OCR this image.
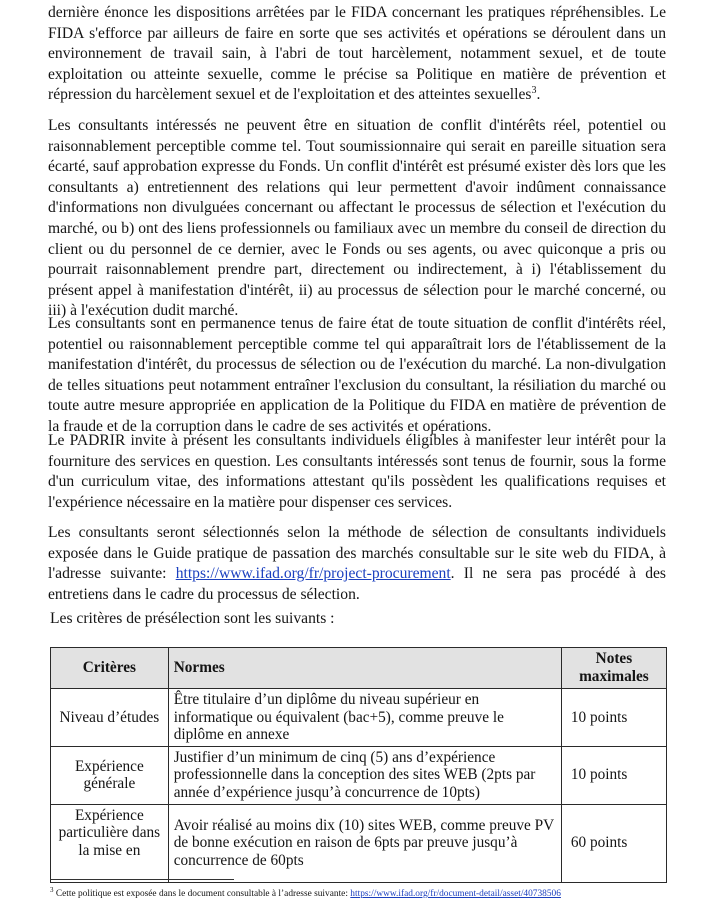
dernière énonce les dispositions arrêtées par le FIDA concernant les pratiques répréhensibles. Le FIDA s'efforce par ailleurs de faire en sorte que ses activités et opérations se déroulent dans un environnement de travail sain, à l'abri de tout harcèlement, notamment sexuel, et de toute exploitation ou atteinte sexuelle, comme le précise sa Politique en matière de prévention et répression du harcèlement sexuel et de l'exploitation et des atteintes sexuelles$^3$.

Les consultants intéressés ne peuvent être en situation de conflit d'intérêts réel, potentiel ou raisonnablement perceptible comme tel. Tout soumissionnaire qui serait en pareille situation sera écarté, sauf approbation expresse du Fonds. Un conflit d'intérêt est présumé exister dès lors que les consultants a) entretiennent des relations qui leur permettent d'avoir indûment connaissance d'informations non divulguées concernant ou affectant le processus de sélection et l'exécution du marché, ou b) ont des liens professionnels ou familiaux avec un membre du conseil de direction du client ou du personnel de ce dernier, avec le Fonds ou ses agents, ou avec quiconque a pris ou pourrait raisonnablement prendre part, directement ou indirectement, à i) l'établissement du présent appel à manifestation d'intérêt, ii) au processus de sélection pour le marché concerné, ou iii) à l'exécution dudit marché.

Les consultants sont en permanence tenus de faire état de toute situation de conflit d'intérêts réel, potentiel ou raisonnablement perceptible comme tel qui apparaîtrait lors de l'établissement de la manifestation d'intérêt, du processus de sélection ou de l'exécution du marché. La non-divulgation de telles situations peut notamment entraîner l'exclusion du consultant, la résiliation du marché ou toute autre mesure appropriée en application de la Politique du FIDA en matière de prévention de la fraude et de la corruption dans le cadre de ses activités et opérations.

Le PADRIR invite à présent les consultants individuels éligibles à manifester leur intérêt pour la fourniture des services en question. Les consultants intéressés sont tenus de fournir, sous la forme d'un curriculum vitae, des informations attestant qu'ils possèdent les qualifications requises et l'expérience nécessaire en la matière pour dispenser ces services.

Les consultants seront sélectionnés selon la méthode de sélection de consultants individuels exposée dans le Guide pratique de passation des marchés consultable sur le site web du FIDA, à l'adresse suivante: https://www.ifad.org/fr/project-procurement. Il ne sera pas procédé à des entretiens dans le cadre du processus de sélection.

Les critères de présélection sont les suivants :

Critères	Normes	Notes maximales
Niveau d’études	Être titulaire d’un diplôme du niveau supérieur en informatique ou équivalent (bac+5), comme preuve le diplôme en annexe	10 points
Expérience générale	Justifier d’un minimum de cinq (5) ans d’expérience professionnelle dans la conception des sites WEB (2pts par année d’expérience jusqu’à concurrence de 10pts)	10 points
Expérience particulière dans la mise en	Avoir réalisé au moins dix (10) sites WEB, comme preuve PV de bonne exécution en raison de 6pts par preuve jusqu’à concurrence de 60pts	60 points
$^3$ Cette politique est exposée dans le document consultable à l’adresse suivante: https://www.ifad.org/fr/document-detail/asset/40738506
